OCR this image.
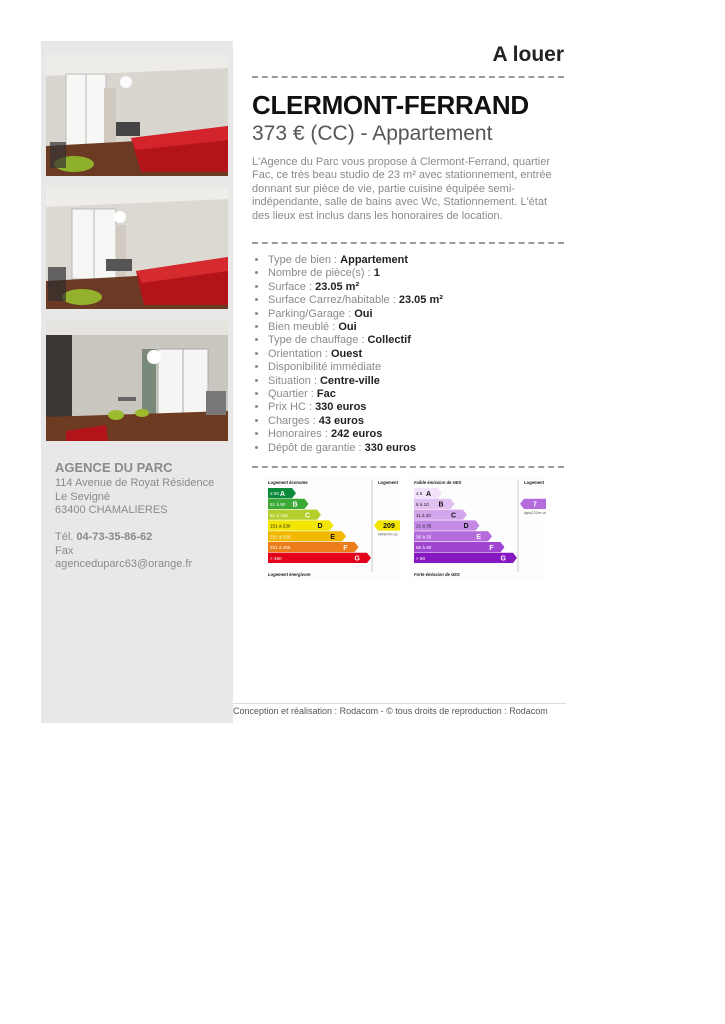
AGENCE DU PARC
114 Avenue de Royat Résidence
Le Sevigné
63400 CHAMALIERES
Tél. 04-73-35-86-62
Fax
agenceduparc63@orange.fr
A louer
CLERMONT-FERRAND
373 € (CC) - Appartement
L'Agence du Parc vous propose à Clermont-Ferrand, quartier Fac, ce très beau studio de 23 m² avec stationnement, entrée donnant sur pièce de vie, partie cuisine équipée semi-indépendante, salle de bains avec Wc, Stationnement. L'état des lieux est inclus dans les honoraires de location.
• Type de bien : Appartement
• Nombre de pièce(s) : 1
• Surface : 23.05 m²
• Surface Carrez/habitable : 23.05 m²
• Parking/Garage : Oui
• Bien meublé : Oui
• Type de chauffage : Collectif
• Orientation : Ouest
• Disponibilité immédiate
• Situation : Centre-ville
• Quartier : Fac
• Prix HC : 330 euros
• Charges : 43 euros
• Honoraires : 242 euros
• Dépôt de garantie : 330 euros
Logement économe	Logement
≤ 50 A
51 à 90 B
91 à 150 C
151 à 230	D	209
kWhEP/m².an
231 à 330	E
331 à 450	F
> 450	G
Logement énergivore
Faible émission de GES	Logement
≤ 5 A
6 à 10 B	7
kgéqCO2/m².an
11 à 20	C
21 à 35	D
36 à 55	E
56 à 80	F
> 80	G
Forte émission de GES
Conception et réalisation : Rodacom - © tous droits de reproduction : Rodacom
